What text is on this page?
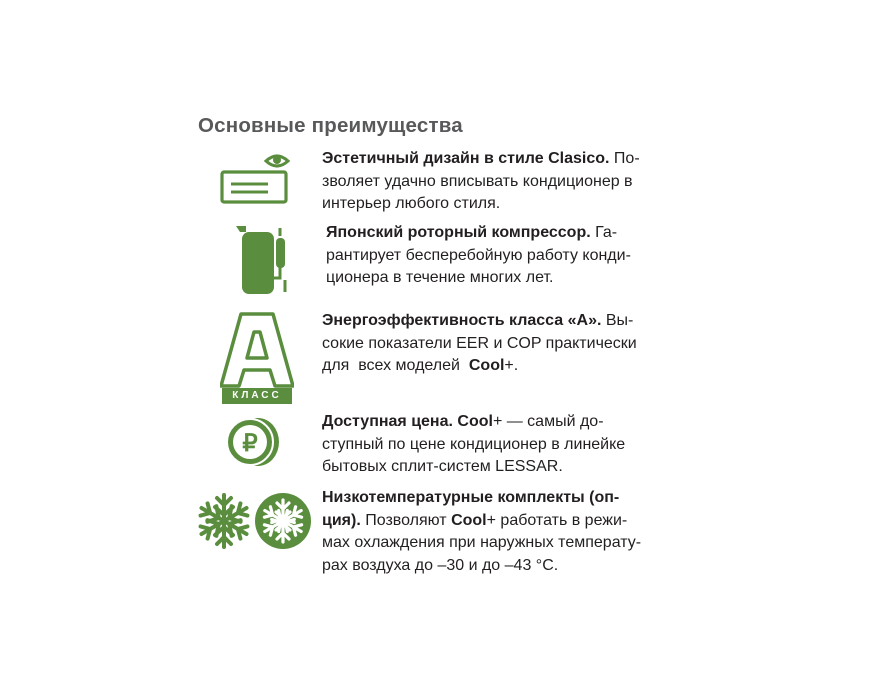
Основные преимущества
КЛАСС
₽

Эстетичный дизайн в стиле Clasico. По-

зволяет удачно вписывать кондиционер в

интерьер любого стиля.

Японский роторный компрессор. Га-

рантирует бесперебойную работу конди-

ционера в течение многих лет.

Энергоэффективность класса «А». Вы-

сокие показатели EER и COP практически

для  всех моделей  Cool+.

Доступная цена. Cool+ — самый до-

ступный по цене кондиционер в линейке

бытовых сплит-систем LESSAR.

Низкотемпературные комплекты (оп-

ция). Позволяют Cool+ работать в режи-

мах охлаждения при наружных температу-

рах воздуха до –30 и до –43 °С.
